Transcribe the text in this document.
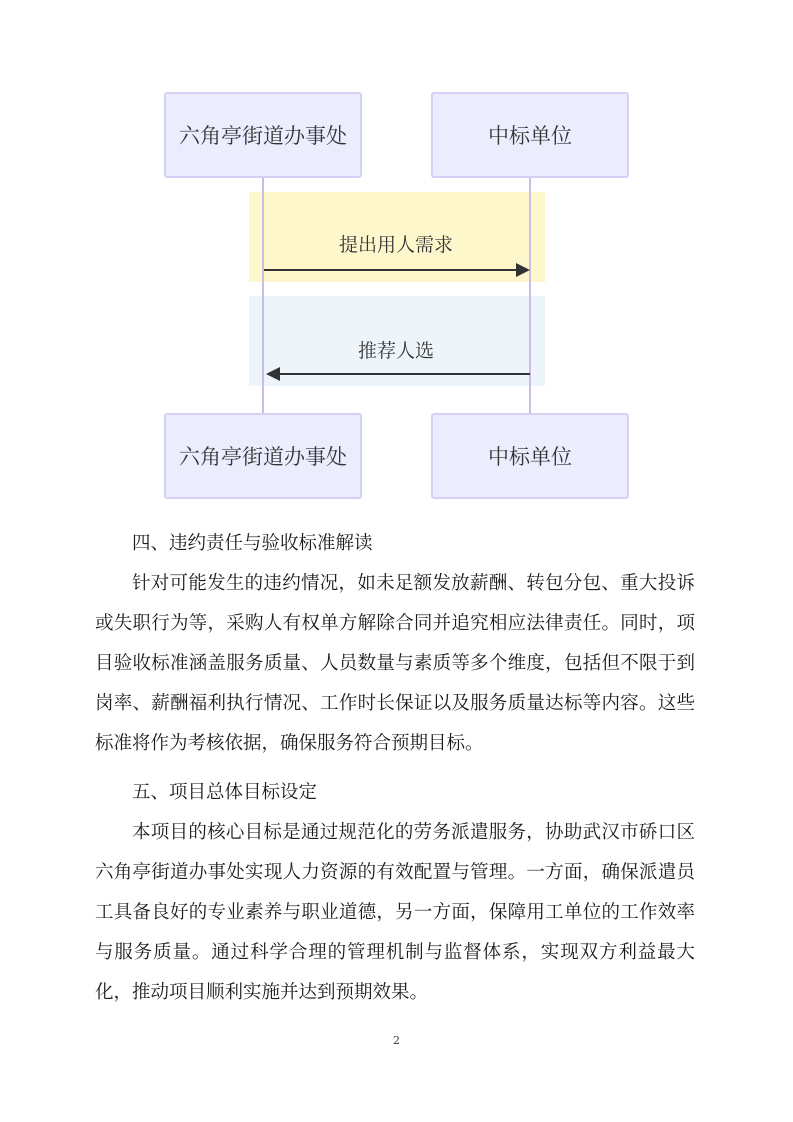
六角亭街道办事处	中标单位
提出用人需求
推荐人选
六角亭街道办事处	中标单位

四、违约责任与验收标准解读

针对可能发生的违约情况，如未足额发放薪酬、转包分包、重大投诉或失职行为等，采购人有权单方解除合同并追究相应法律责任。同时，项目验收标准涵盖服务质量、人员数量与素质等多个维度，包括但不限于到岗率、薪酬福利执行情况、工作时长保证以及服务质量达标等内容。这些标准将作为考核依据，确保服务符合预期目标。

五、项目总体目标设定

本项目的核心目标是通过规范化的劳务派遣服务，协助武汉市硚口区六角亭街道办事处实现人力资源的有效配置与管理。一方面，确保派遣员工具备良好的专业素养与职业道德，另一方面，保障用工单位的工作效率与服务质量。通过科学合理的管理机制与监督体系，实现双方利益最大化，推动项目顺利实施并达到预期效果。

2
